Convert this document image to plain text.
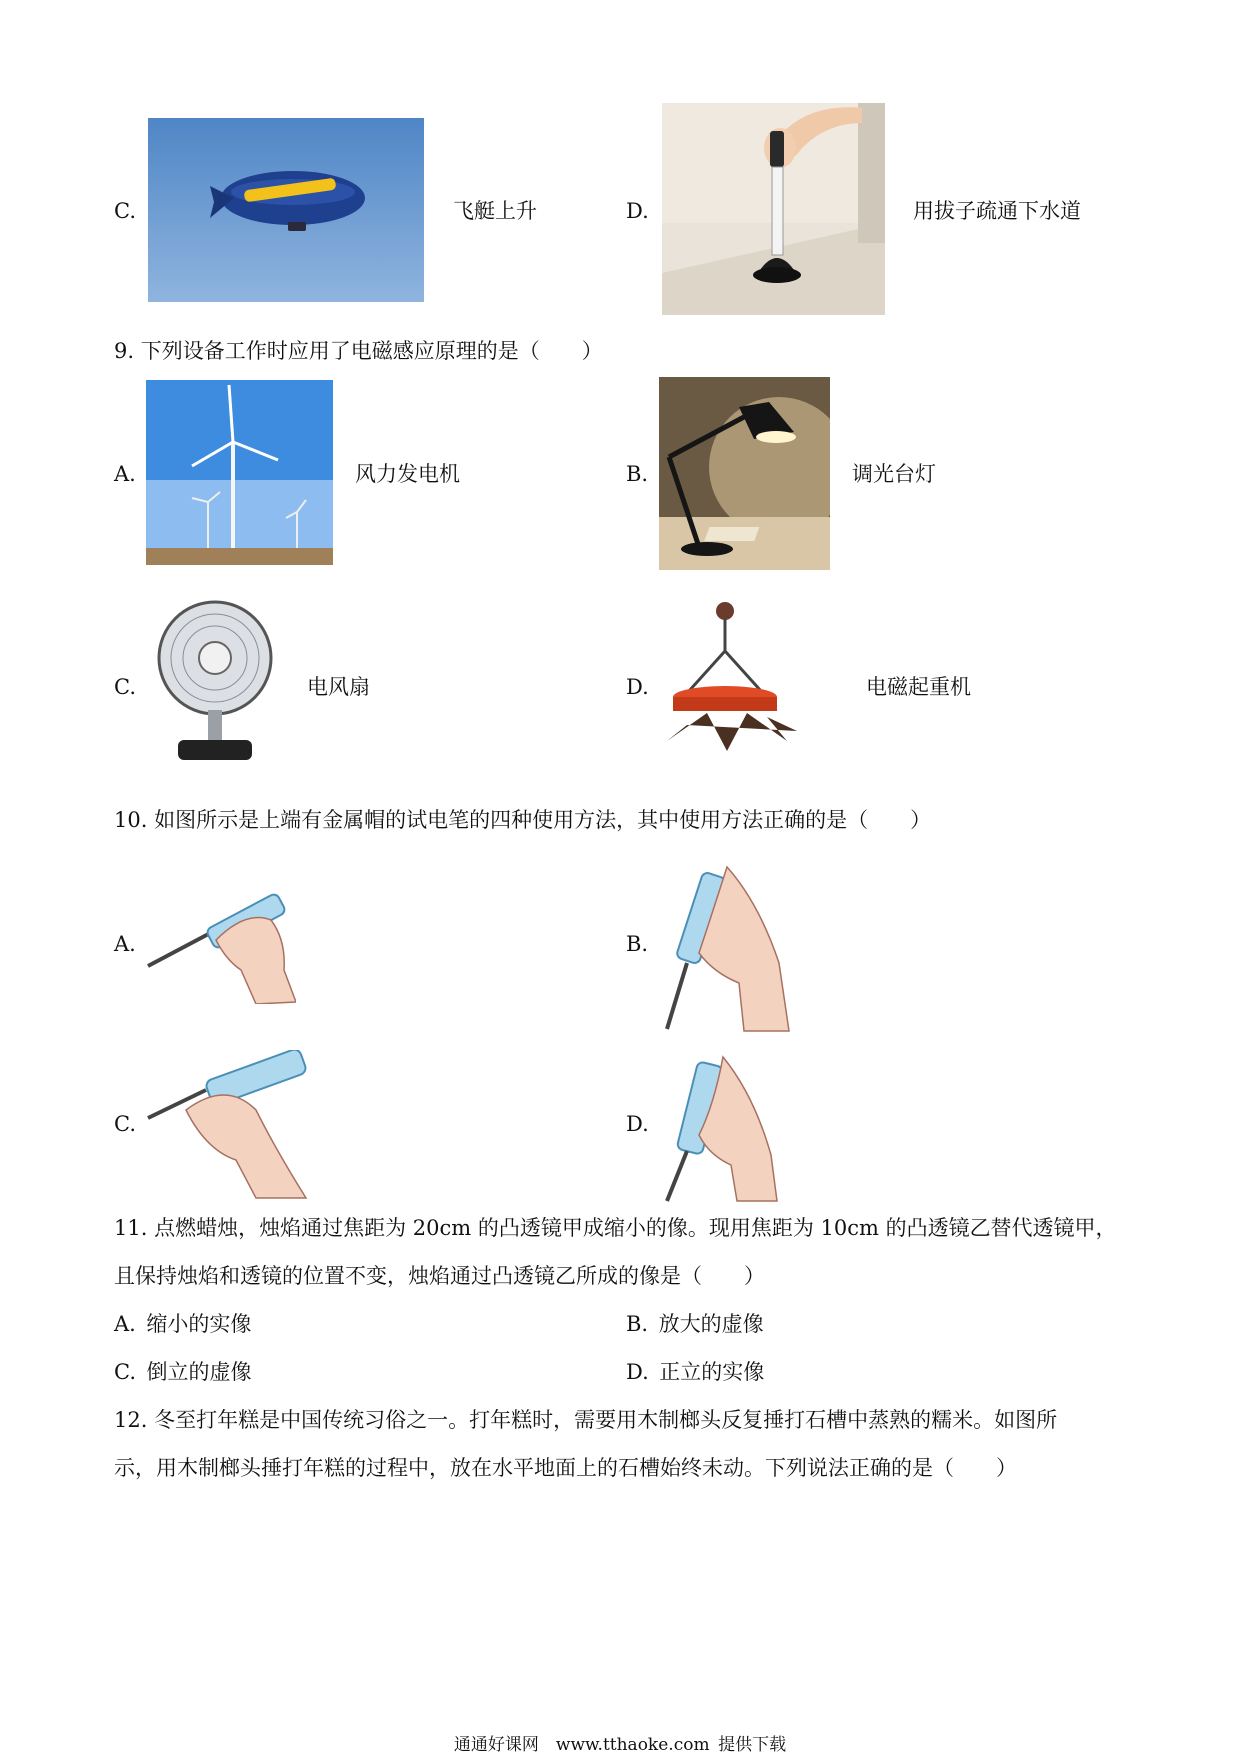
C.	飞艇上升	D.	用拔子疏通下水道
9. 下列设备工作时应用了电磁感应原理的是（　　）
A.	风力发电机	B.	调光台灯
C.	电风扇	D.	电磁起重机
10. 如图所示是上端有金属帽的试电笔的四种使用方法，其中使用方法正确的是（　　）
A.	B.
C.	D.
11. 点燃蜡烛，烛焰通过焦距为 20cm 的凸透镜甲成缩小的像。现用焦距为 10cm 的凸透镜乙替代透镜甲，
且保持烛焰和透镜的位置不变，烛焰通过凸透镜乙所成的像是（　　）
A.  缩小的实像	B.  放大的虚像
C.  倒立的虚像	D.  正立的实像
12. 冬至打年糕是中国传统习俗之一。打年糕时，需要用木制榔头反复捶打石槽中蒸熟的糯米。如图所
示，用木制榔头捶打年糕的过程中，放在水平地面上的石槽始终未动。下列说法正确的是（　　）
通通好课网  www.tthaoke.com  提供下载
